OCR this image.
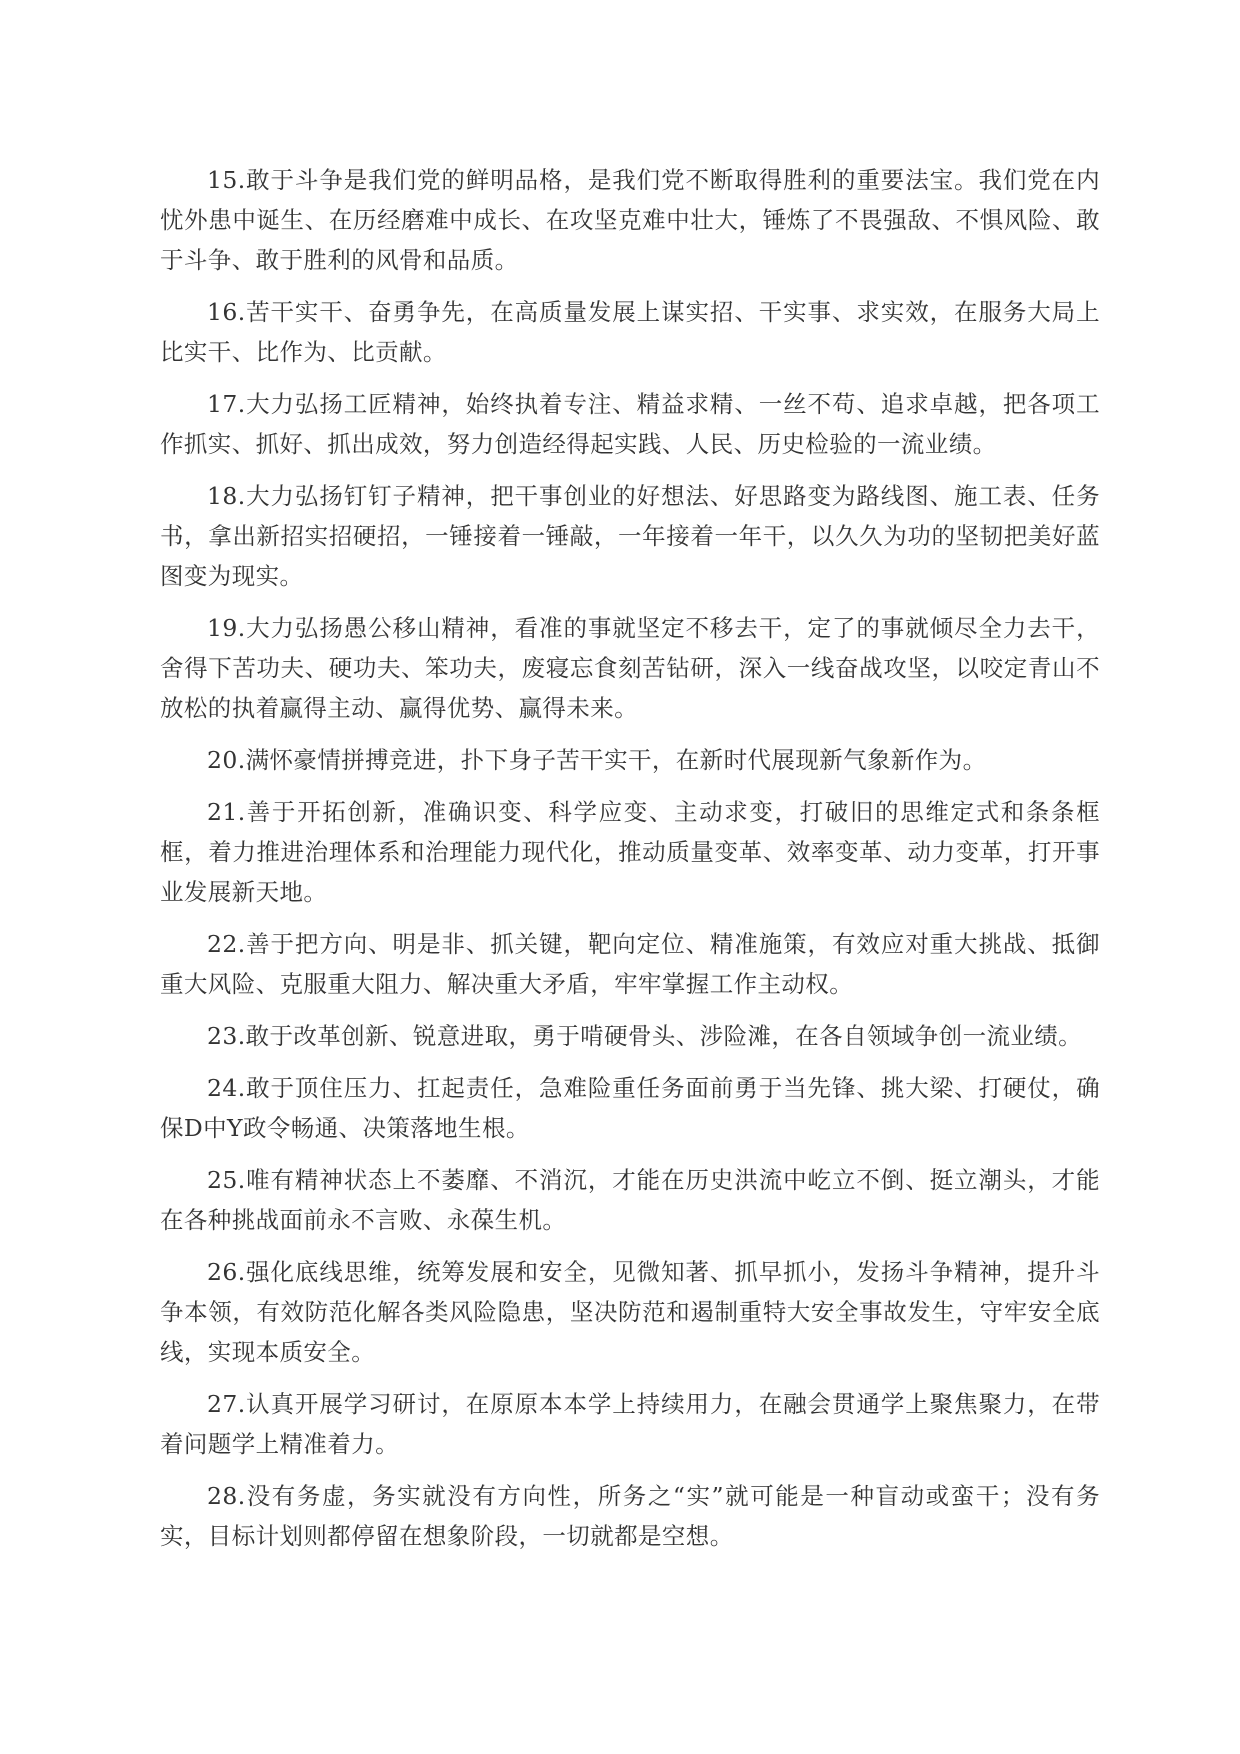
15.敢于斗争是我们党的鲜明品格，是我们党不断取得胜利的重要法宝。我们党在内忧外患中诞生、在历经磨难中成长、在攻坚克难中壮大，锤炼了不畏强敌、不惧风险、敢于斗争、敢于胜利的风骨和品质。

16.苦干实干、奋勇争先，在高质量发展上谋实招、干实事、求实效，在服务大局上比实干、比作为、比贡献。

17.大力弘扬工匠精神，始终执着专注、精益求精、一丝不苟、追求卓越，把各项工作抓实、抓好、抓出成效，努力创造经得起实践、人民、历史检验的一流业绩。

18.大力弘扬钉钉子精神，把干事创业的好想法、好思路变为路线图、施工表、任务书，拿出新招实招硬招，一锤接着一锤敲，一年接着一年干，以久久为功的坚韧把美好蓝图变为现实。

19.大力弘扬愚公移山精神，看准的事就坚定不移去干，定了的事就倾尽全力去干，舍得下苦功夫、硬功夫、笨功夫，废寝忘食刻苦钻研，深入一线奋战攻坚，以咬定青山不放松的执着赢得主动、赢得优势、赢得未来。

20.满怀豪情拼搏竞进，扑下身子苦干实干，在新时代展现新气象新作为。

21.善于开拓创新，准确识变、科学应变、主动求变，打破旧的思维定式和条条框框，着力推进治理体系和治理能力现代化，推动质量变革、效率变革、动力变革，打开事业发展新天地。

22.善于把方向、明是非、抓关键，靶向定位、精准施策，有效应对重大挑战、抵御重大风险、克服重大阻力、解决重大矛盾，牢牢掌握工作主动权。

23.敢于改革创新、锐意进取，勇于啃硬骨头、涉险滩，在各自领域争创一流业绩。

24.敢于顶住压力、扛起责任，急难险重任务面前勇于当先锋、挑大梁、打硬仗，确保D中Y政令畅通、决策落地生根。

25.唯有精神状态上不萎靡、不消沉，才能在历史洪流中屹立不倒、挺立潮头，才能在各种挑战面前永不言败、永葆生机。

26.强化底线思维，统筹发展和安全，见微知著、抓早抓小，发扬斗争精神，提升斗争本领，有效防范化解各类风险隐患，坚决防范和遏制重特大安全事故发生，守牢安全底线，实现本质安全。

27.认真开展学习研讨，在原原本本学上持续用力，在融会贯通学上聚焦聚力，在带着问题学上精准着力。

28.没有务虚，务实就没有方向性，所务之“实”就可能是一种盲动或蛮干；没有务实，目标计划则都停留在想象阶段，一切就都是空想。
